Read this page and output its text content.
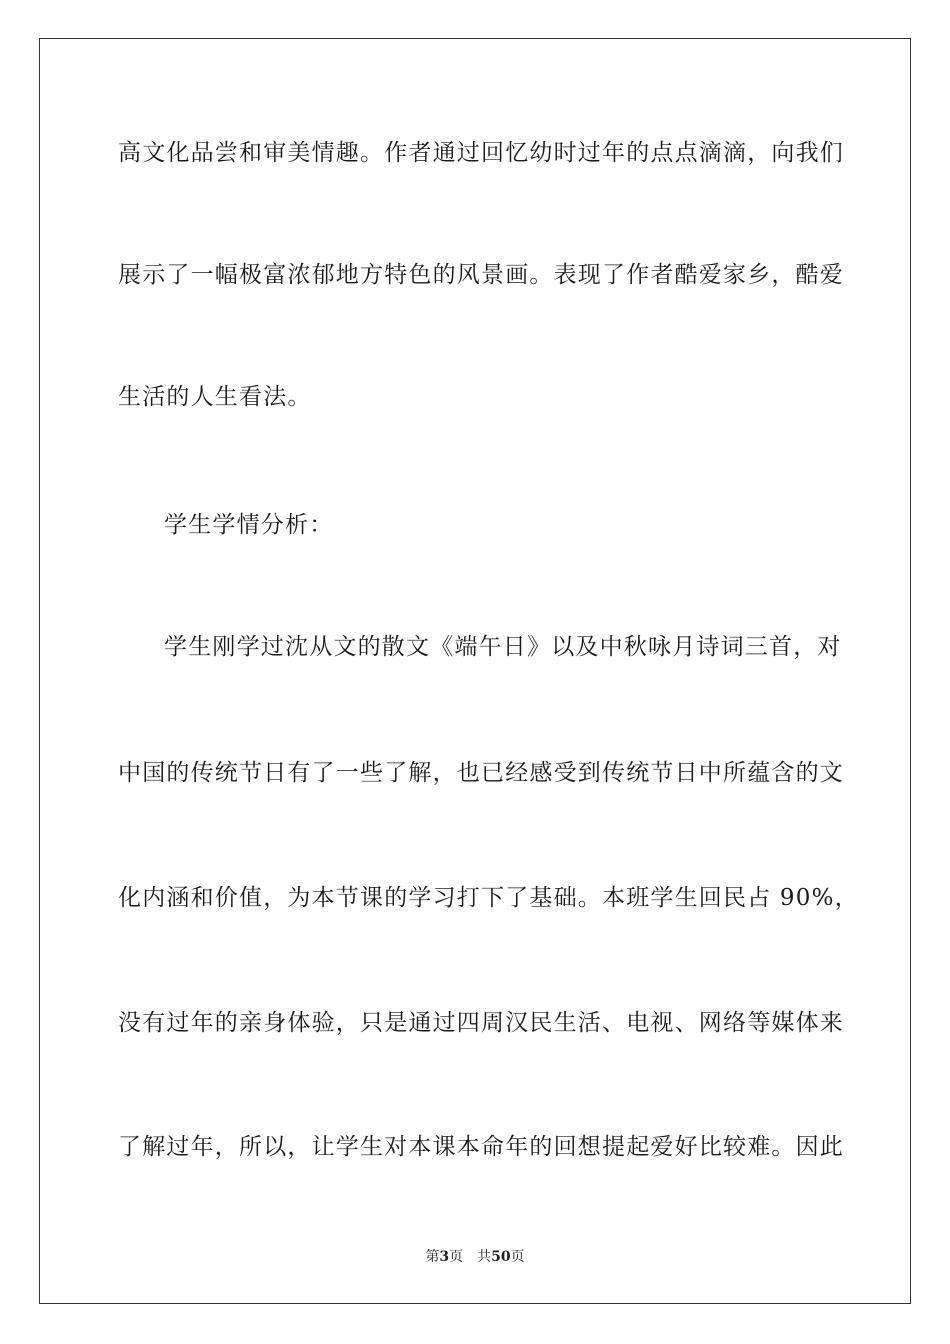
高文化品尝和审美情趣。作者通过回忆幼时过年的点点滴滴，向我们
展示了一幅极富浓郁地方特色的风景画。表现了作者酷爱家乡，酷爱
生活的人生看法。
学生学情分析：
学生刚学过沈从文的散文《端午日》以及中秋咏月诗词三首，对
中国的传统节日有了一些了解，也已经感受到传统节日中所蕴含的文
化内涵和价值，为本节课的学习打下了基础。本班学生回民占 90%，
没有过年的亲身体验，只是通过四周汉民生活、电视、网络等媒体来
了解过年，所以，让学生对本课本命年的回想提起爱好比较难。因此
第3页 共50页
